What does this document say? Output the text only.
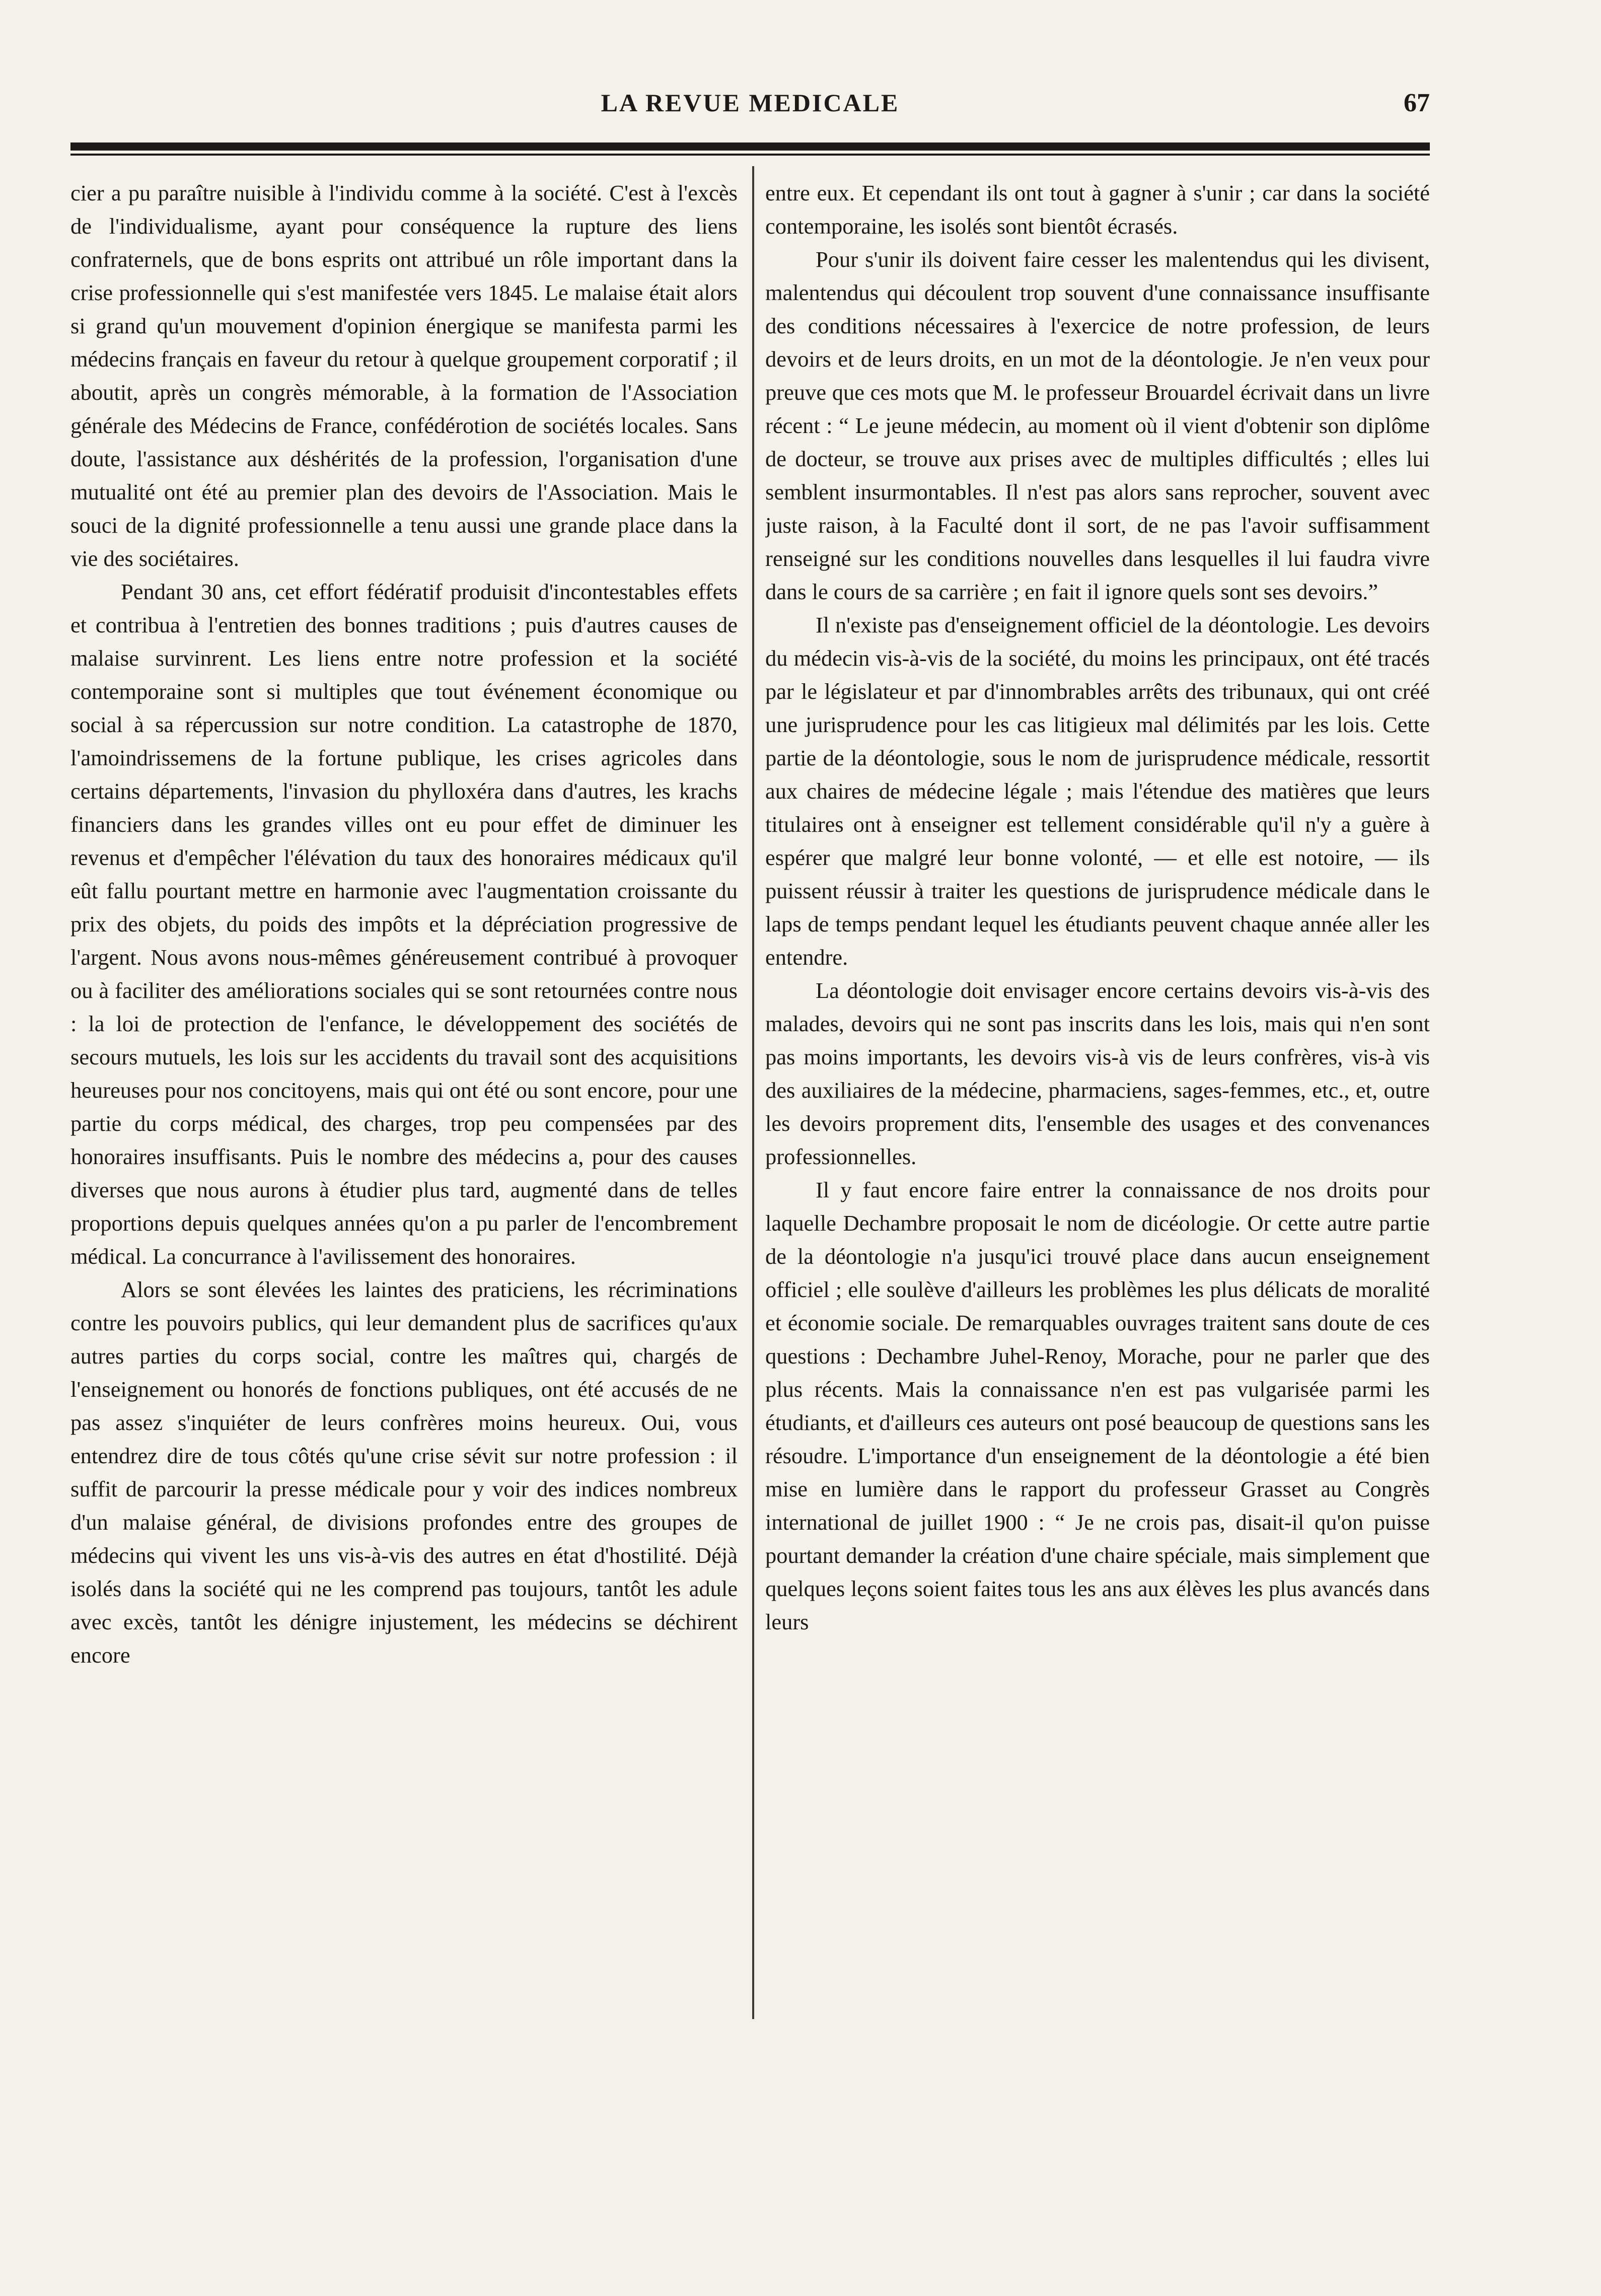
LA REVUE MEDICALE	67

cier a pu paraître nuisible à l'individu comme à la société. C'est à l'excès de l'individualisme, ayant pour conséquence la rupture des liens confraternels, que de bons esprits ont attribué un rôle important dans la crise professionnelle qui s'est manifestée vers 1845. Le malaise était alors si grand qu'un mouvement d'opinion énergique se manifesta parmi les médecins français en faveur du retour à quelque groupement corporatif ; il aboutit, après un congrès mémorable, à la formation de l'Association générale des Médecins de France, confédérotion de sociétés locales. Sans doute, l'assistance aux déshérités de la profession, l'organisation d'une mutualité ont été au premier plan des devoirs de l'Association. Mais le souci de la dignité professionnelle a tenu aussi une grande place dans la vie des sociétaires.

Pendant 30 ans, cet effort fédératif produisit d'incontestables effets et contribua à l'entretien des bonnes traditions ; puis d'autres causes de malaise survinrent. Les liens entre notre profession et la société contemporaine sont si multiples que tout événement économique ou social à sa répercussion sur notre condition. La catastrophe de 1870, l'amoindrissemens de la fortune publique, les crises agricoles dans certains départements, l'invasion du phylloxéra dans d'autres, les krachs financiers dans les grandes villes ont eu pour effet de diminuer les revenus et d'empêcher l'élévation du taux des honoraires médicaux qu'il eût fallu pourtant mettre en harmonie avec l'augmentation croissante du prix des objets, du poids des impôts et la dépréciation progressive de l'argent. Nous avons nous-mêmes généreusement contribué à provoquer ou à faciliter des améliorations sociales qui se sont retournées contre nous : la loi de protection de l'enfance, le développement des sociétés de secours mutuels, les lois sur les accidents du travail sont des acquisitions heureuses pour nos concitoyens, mais qui ont été ou sont encore, pour une partie du corps médical, des charges, trop peu compensées par des honoraires insuffisants. Puis le nombre des médecins a, pour des causes diverses que nous aurons à étudier plus tard, augmenté dans de telles proportions depuis quelques années qu'on a pu parler de l'encombrement médical. La concurrance à l'avilissement des honoraires.

Alors se sont élevées les laintes des praticiens, les récriminations contre les pouvoirs publics, qui leur demandent plus de sacrifices qu'aux autres parties du corps social, contre les maîtres qui, chargés de l'enseignement ou honorés de fonctions publiques, ont été accusés de ne pas assez s'inquiéter de leurs confrères moins heureux. Oui, vous entendrez dire de tous côtés qu'une crise sévit sur notre profession : il suffit de parcourir la presse médicale pour y voir des indices nombreux d'un malaise général, de divisions profondes entre des groupes de médecins qui vivent les uns vis-à-vis des autres en état d'hostilité. Déjà isolés dans la société qui ne les comprend pas toujours, tantôt les adule avec excès, tantôt les dénigre injustement, les médecins se déchirent encore

entre eux. Et cependant ils ont tout à gagner à s'unir ; car dans la société contemporaine, les isolés sont bientôt écrasés.

Pour s'unir ils doivent faire cesser les malentendus qui les divisent, malentendus qui découlent trop souvent d'une connaissance insuffisante des conditions nécessaires à l'exercice de notre profession, de leurs devoirs et de leurs droits, en un mot de la déontologie. Je n'en veux pour preuve que ces mots que M. le professeur Brouardel écrivait dans un livre récent : “ Le jeune médecin, au moment où il vient d'obtenir son diplôme de docteur, se trouve aux prises avec de multiples difficultés ; elles lui semblent insurmontables. Il n'est pas alors sans reprocher, souvent avec juste raison, à la Faculté dont il sort, de ne pas l'avoir suffisamment renseigné sur les conditions nouvelles dans lesquelles il lui faudra vivre dans le cours de sa carrière ; en fait il ignore quels sont ses devoirs.”

Il n'existe pas d'enseignement officiel de la déontologie. Les devoirs du médecin vis-à-vis de la société, du moins les principaux, ont été tracés par le législateur et par d'innombrables arrêts des tribunaux, qui ont créé une jurisprudence pour les cas litigieux mal délimités par les lois. Cette partie de la déontologie, sous le nom de jurisprudence médicale, ressortit aux chaires de médecine légale ; mais l'étendue des matières que leurs titulaires ont à enseigner est tellement considérable qu'il n'y a guère à espérer que malgré leur bonne volonté, — et elle est notoire, — ils puissent réussir à traiter les questions de jurisprudence médicale dans le laps de temps pendant lequel les étudiants peuvent chaque année aller les entendre.

La déontologie doit envisager encore certains devoirs vis-à-vis des malades, devoirs qui ne sont pas inscrits dans les lois, mais qui n'en sont pas moins importants, les devoirs vis-à vis de leurs confrères, vis-à vis des auxiliaires de la médecine, pharmaciens, sages-femmes, etc., et, outre les devoirs proprement dits, l'ensemble des usages et des convenances professionnelles.

Il y faut encore faire entrer la connaissance de nos droits pour laquelle Dechambre proposait le nom de dicéologie. Or cette autre partie de la déontologie n'a jusqu'ici trouvé place dans aucun enseignement officiel ; elle soulève d'ailleurs les problèmes les plus délicats de moralité et économie sociale. De remarquables ouvrages traitent sans doute de ces questions : Dechambre Juhel-Renoy, Morache, pour ne parler que des plus récents. Mais la connaissance n'en est pas vulgarisée parmi les étudiants, et d'ailleurs ces auteurs ont posé beaucoup de questions sans les résoudre. L'importance d'un enseignement de la déontologie a été bien mise en lumière dans le rapport du professeur Grasset au Congrès international de juillet 1900 : “ Je ne crois pas, disait-il qu'on puisse pourtant demander la création d'une chaire spéciale, mais simplement que quelques leçons soient faites tous les ans aux élèves les plus avancés dans leurs
